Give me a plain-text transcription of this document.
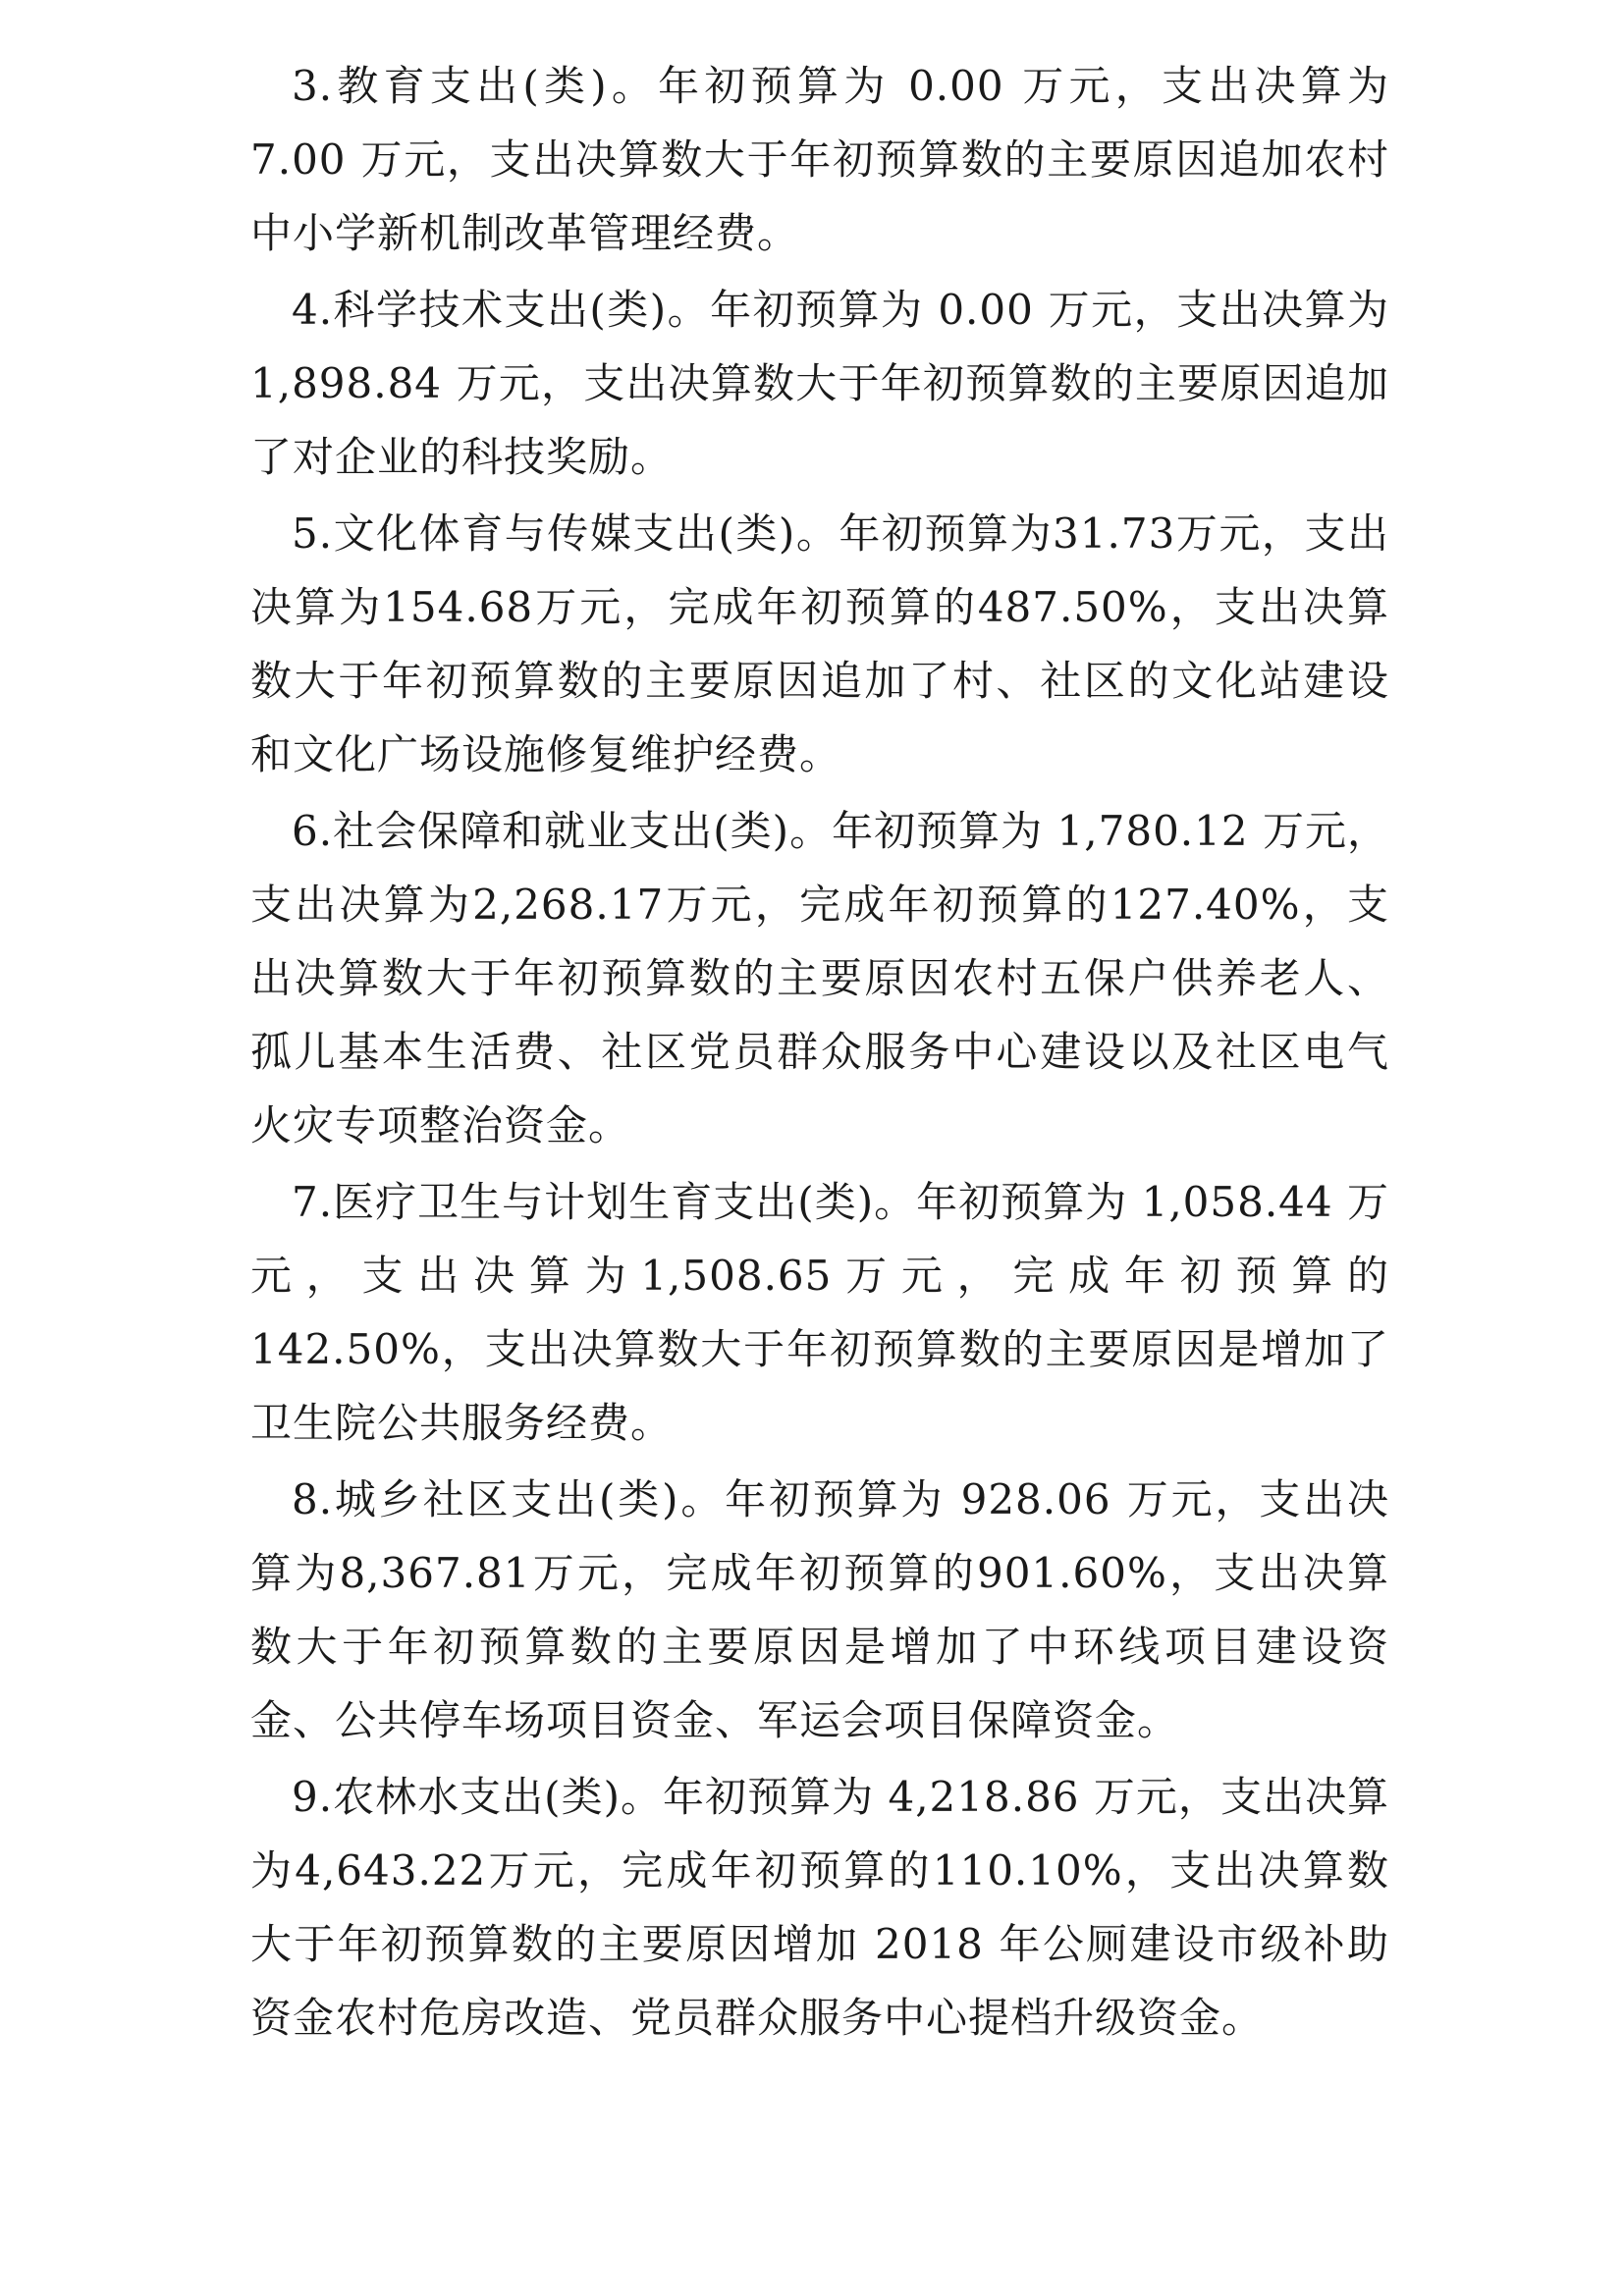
3.教育支出(类)。年初预算为 0.00 万元，支出决算为 7.00 万元，支出决算数大于年初预算数的主要原因追加农村中小学新机制改革管理经费。

4.科学技术支出(类)。年初预算为 0.00 万元，支出决算为 1,898.84 万元，支出决算数大于年初预算数的主要原因追加了对企业的科技奖励。

5.文化体育与传媒支出(类)。年初预算为31.73万元，支出决算为154.68万元，完成年初预算的487.50%，支出决算数大于年初预算数的主要原因追加了村、社区的文化站建设和文化广场设施修复维护经费。

6.社会保障和就业支出(类)。年初预算为 1,780.12 万元，支出决算为2,268.17万元，完成年初预算的127.40%，支出决算数大于年初预算数的主要原因农村五保户供养老人、孤儿基本生活费、社区党员群众服务中心建设以及社区电气火灾专项整治资金。

7.医疗卫生与计划生育支出(类)。年初预算为 1,058.44 万元，支出决算为1,508.65万元，完成年初预算的142.50%，支出决算数大于年初预算数的主要原因是增加了卫生院公共服务经费。

8.城乡社区支出(类)。年初预算为 928.06 万元，支出决算为8,367.81万元，完成年初预算的901.60%，支出决算数大于年初预算数的主要原因是增加了中环线项目建设资金、公共停车场项目资金、军运会项目保障资金。

9.农林水支出(类)。年初预算为 4,218.86 万元，支出决算为4,643.22万元，完成年初预算的110.10%，支出决算数大于年初预算数的主要原因增加 2018 年公厕建设市级补助资金农村危房改造、党员群众服务中心提档升级资金。
